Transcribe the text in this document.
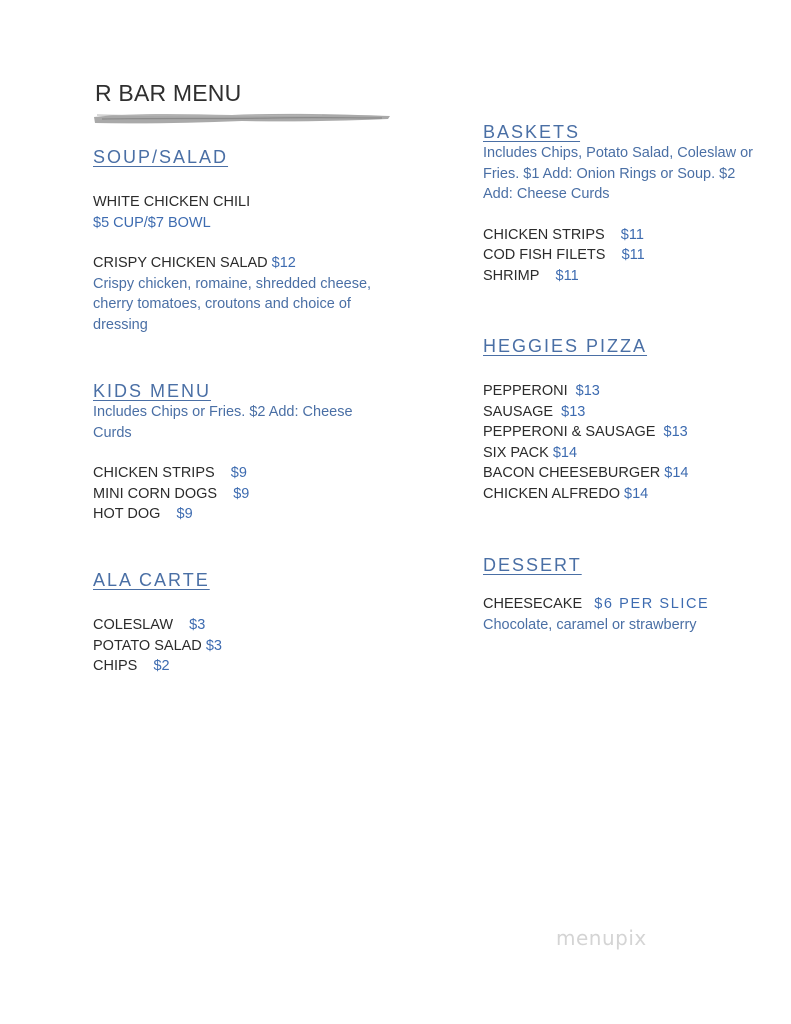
R BAR MENU
SOUP/SALAD
WHITE CHICKEN CHILI
$5 CUP/$7 BOWL
CRISPY CHICKEN SALAD $12
Crispy chicken, romaine, shredded cheese, cherry tomatoes, croutons and choice of dressing
KIDS MENU
Includes Chips or Fries. $2 Add: Cheese Curds
CHICKEN STRIPS $9
MINI CORN DOGS $9
HOT DOG $9
ALA CARTE
COLESLAW $3
POTATO SALAD $3
CHIPS $2
BASKETS
Includes Chips, Potato Salad, Coleslaw or Fries. $1 Add: Onion Rings or Soup. $2 Add: Cheese Curds
CHICKEN STRIPS $11
COD FISH FILETS $11
SHRIMP $11
HEGGIES PIZZA
PEPPERONI $13
SAUSAGE $13
PEPPERONI & SAUSAGE $13
SIX PACK $14
BACON CHEESEBURGER $14
CHICKEN ALFREDO $14
DESSERT
CHEESECAKE $6 PER SLICE
Chocolate, caramel or strawberry
menupix
